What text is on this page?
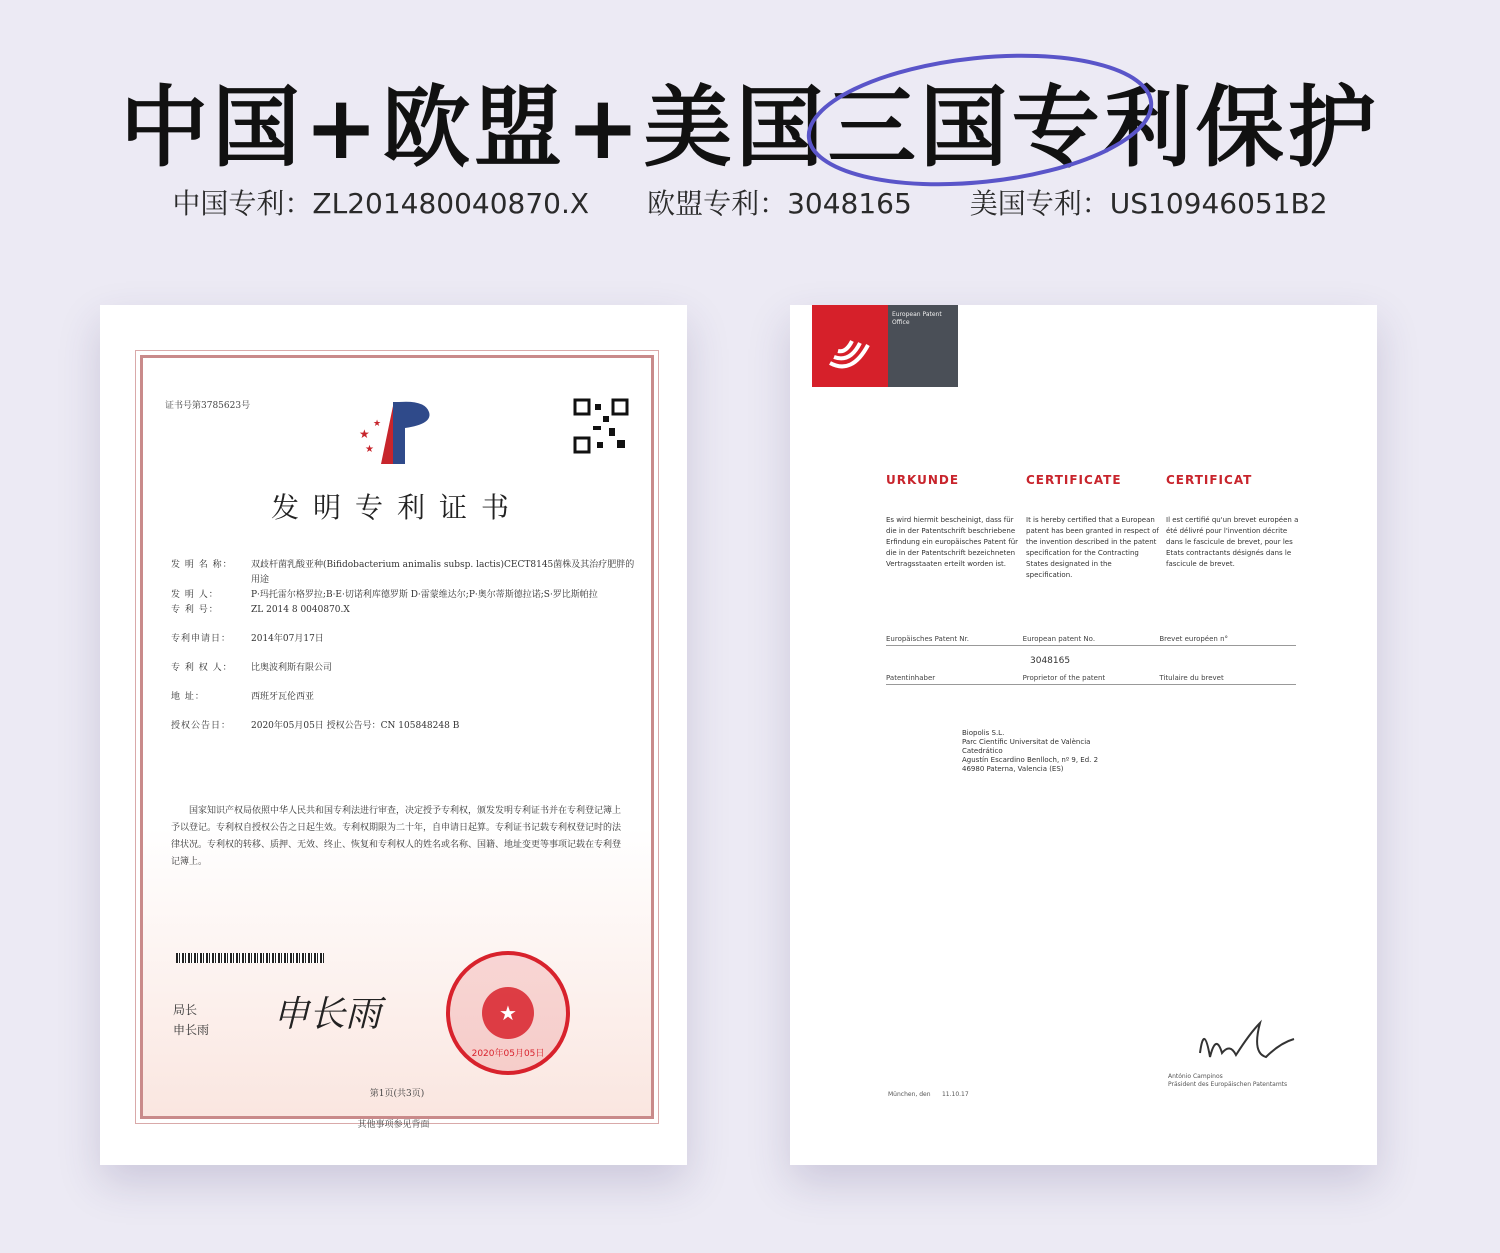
中国+欧盟+美国三国专利保护
中国专利：ZL201480040870.X 欧盟专利：3048165 美国专利：US10946051B2
证书号第3785623号
★
★
★
发明专利证书
发 明 名 称：	双歧杆菌乳酸亚种(Bifidobacterium animalis subsp. lactis)CECT8145菌株及其治疗肥胖的用途
发 明 人：	P·玛托雷尔格罗拉;B·E·切诺利库德罗斯 D·雷蒙维达尔;P·奥尔蒂斯德拉诺;S·罗比斯帕拉
专 利 号：	ZL 2014 8 0040870.X
专利申请日：	2014年07月17日
专 利 权 人：	比奥波利斯有限公司
地 址：	西班牙瓦伦西亚
授权公告日：	2020年05月05日 授权公告号：CN 105848248 B
国家知识产权局依照中华人民共和国专利法进行审查，决定授予专利权，颁发发明专利证书并在专利登记簿上予以登记。专利权自授权公告之日起生效。专利权期限为二十年，自申请日起算。专利证书记载专利权登记时的法律状况。专利权的转移、质押、无效、终止、恢复和专利权人的姓名或名称、国籍、地址变更等事项记载在专利登记簿上。
局长
申长雨 申长雨	★
2020年05月05日
第1页(共3页)
其他事项参见背面
European Patent Office
URKUNDE	CERTIFICATE	CERTIFICAT
Es wird hiermit bescheinigt, dass für die in der Patentschrift beschriebene Erfindung ein europäisches Patent für die in der Patentschrift bezeichneten Vertragsstaaten erteilt worden ist.
It is hereby certified that a European patent has been granted in respect of the invention described in the patent specification for the Contracting States designated in the specification.
Il est certifié qu'un brevet européen a été délivré pour l'invention décrite dans le fascicule de brevet, pour les Etats contractants désignés dans le fascicule de brevet.
Europäisches Patent Nr.	European patent No.	Brevet européen n°
Patentinhaber	Proprietor of the patent	Titulaire du brevet
3048165
Biopolis S.L.
Parc Científic Universitat de València
Catedrático
Agustín Escardino Benlloch, nº 9, Ed. 2
46980 Paterna, Valencia (ES)
München, den 11.10.17
António Campinos
Präsident des Europäischen Patentamts
